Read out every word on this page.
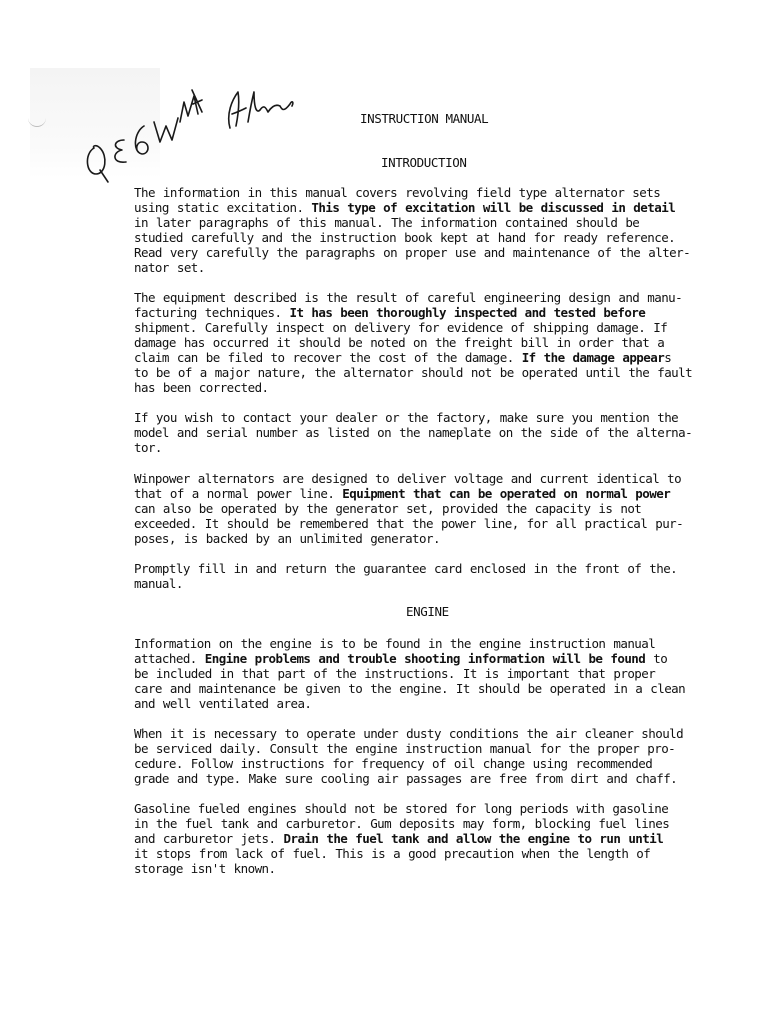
INSTRUCTION MANUAL
INTRODUCTION
ENGINE

The information in this manual covers revolving field type alternator sets
using static excitation. This type of excitation will be discussed in detail
in later paragraphs of this manual. The information contained should be
studied carefully and the instruction book kept at hand for ready reference.
Read very carefully the paragraphs on proper use and maintenance of the alter-
nator set.

The equipment described is the result of careful engineering design and manu-
facturing techniques. It has been thoroughly inspected and tested before
shipment. Carefully inspect on delivery for evidence of shipping damage. If
damage has occurred it should be noted on the freight bill in order that a
claim can be filed to recover the cost of the damage. If the damage appears
to be of a major nature, the alternator should not be operated until the fault
has been corrected.

If you wish to contact your dealer or the factory, make sure you mention the
model and serial number as listed on the nameplate on the side of the alterna-
tor.

Winpower alternators are designed to deliver voltage and current identical to
that of a normal power line. Equipment that can be operated on normal power
can also be operated by the generator set, provided the capacity is not
exceeded. It should be remembered that the power line, for all practical pur-
poses, is backed by an unlimited generator.

Promptly fill in and return the guarantee card enclosed in the front of the.
manual.

Information on the engine is to be found in the engine instruction manual
attached. Engine problems and trouble shooting information will be found to
be included in that part of the instructions. It is important that proper
care and maintenance be given to the engine. It should be operated in a clean
and well ventilated area.

When it is necessary to operate under dusty conditions the air cleaner should
be serviced daily. Consult the engine instruction manual for the proper pro-
cedure. Follow instructions for frequency of oil change using recommended
grade and type. Make sure cooling air passages are free from dirt and chaff.

Gasoline fueled engines should not be stored for long periods with gasoline
in the fuel tank and carburetor. Gum deposits may form, blocking fuel lines
and carburetor jets. Drain the fuel tank and allow the engine to run until
it stops from lack of fuel. This is a good precaution when the length of
storage isn't known.
